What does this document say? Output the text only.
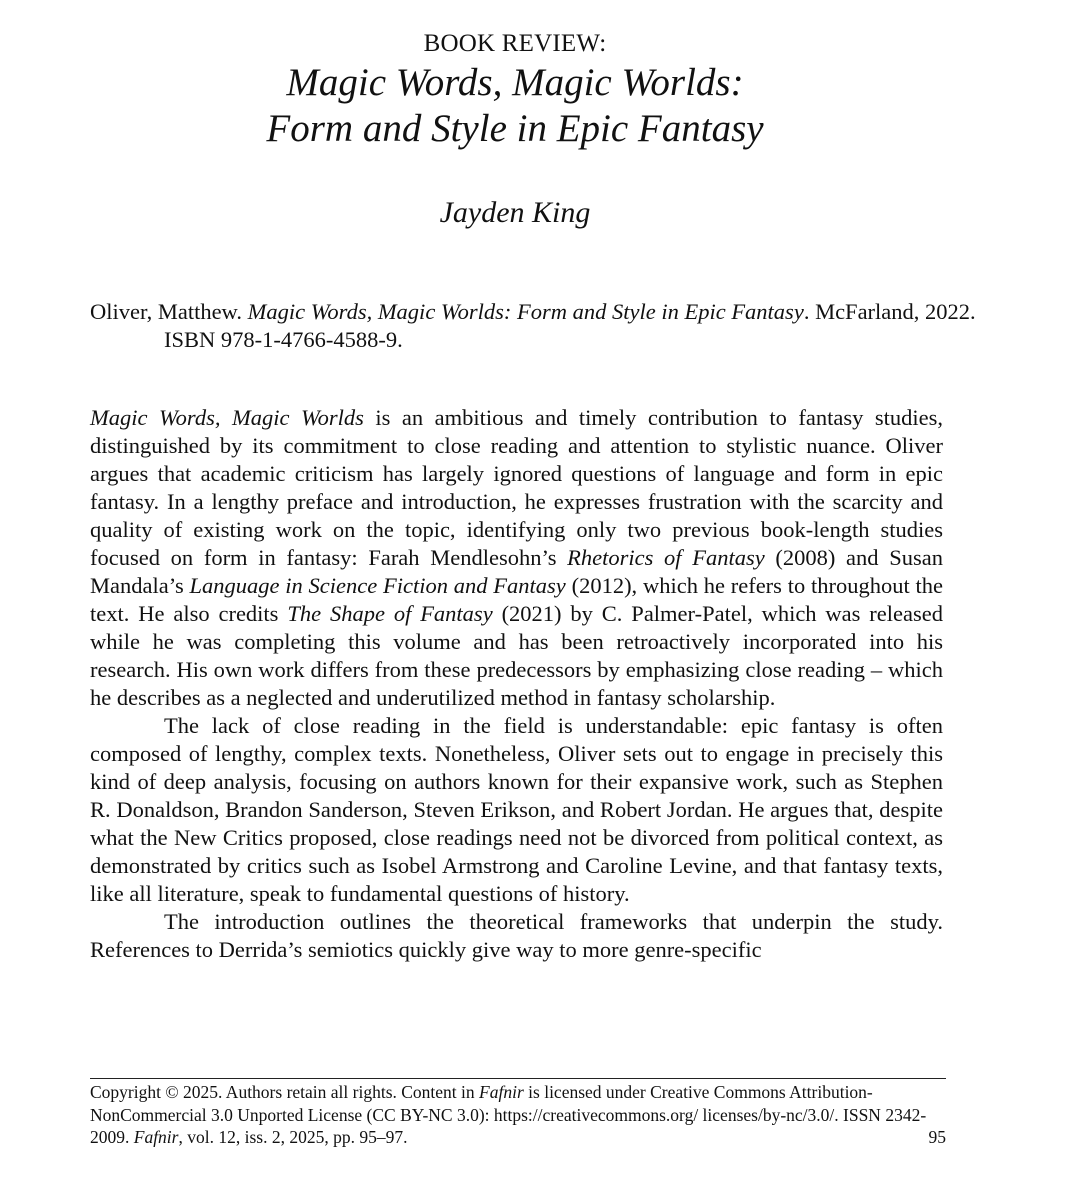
BOOK REVIEW:
Magic Words, Magic Worlds:
Form and Style in Epic Fantasy
Jayden King
Oliver, Matthew. Magic Words, Magic Worlds: Form and Style in Epic Fantasy. McFarland, 2022. ISBN 978-1-4766-4588-9.

Magic Words, Magic Worlds is an ambitious and timely contribution to fantasy studies, distinguished by its commitment to close reading and attention to stylistic nuance. Oliver argues that academic criticism has largely ignored questions of language and form in epic fantasy. In a lengthy preface and introduction, he expresses frustration with the scarcity and quality of existing work on the topic, identifying only two previous book-length studies focused on form in fantasy: Farah Mendlesohn’s Rhetorics of Fantasy (2008) and Susan Mandala’s Language in Science Fiction and Fantasy (2012), which he refers to throughout the text. He also credits The Shape of Fantasy (2021) by C. Palmer-Patel, which was released while he was completing this volume and has been retroactively incorporated into his research. His own work differs from these predecessors by emphasizing close reading – which he describes as a neglected and underutilized method in fantasy scholarship.

The lack of close reading in the field is understandable: epic fantasy is often composed of lengthy, complex texts. Nonetheless, Oliver sets out to engage in precisely this kind of deep analysis, focusing on authors known for their expansive work, such as Stephen R. Donaldson, Brandon Sanderson, Steven Erikson, and Robert Jordan. He argues that, despite what the New Critics proposed, close readings need not be divorced from political context, as demonstrated by critics such as Isobel Armstrong and Caroline Levine, and that fantasy texts, like all literature, speak to fundamental questions of history.

The introduction outlines the theoretical frameworks that underpin the study. References to Derrida’s semiotics quickly give way to more genre-specific

Copyright © 2025. Authors retain all rights. Content in Fafnir is licensed under Creative Commons Attribution-NonCommercial 3.0 Unported License (CC BY-NC 3.0): https://creativecommons.org/ licenses/by-nc/3.0/. ISSN 2342-2009. Fafnir, vol. 12, iss. 2, 2025, pp. 95–97.	95
